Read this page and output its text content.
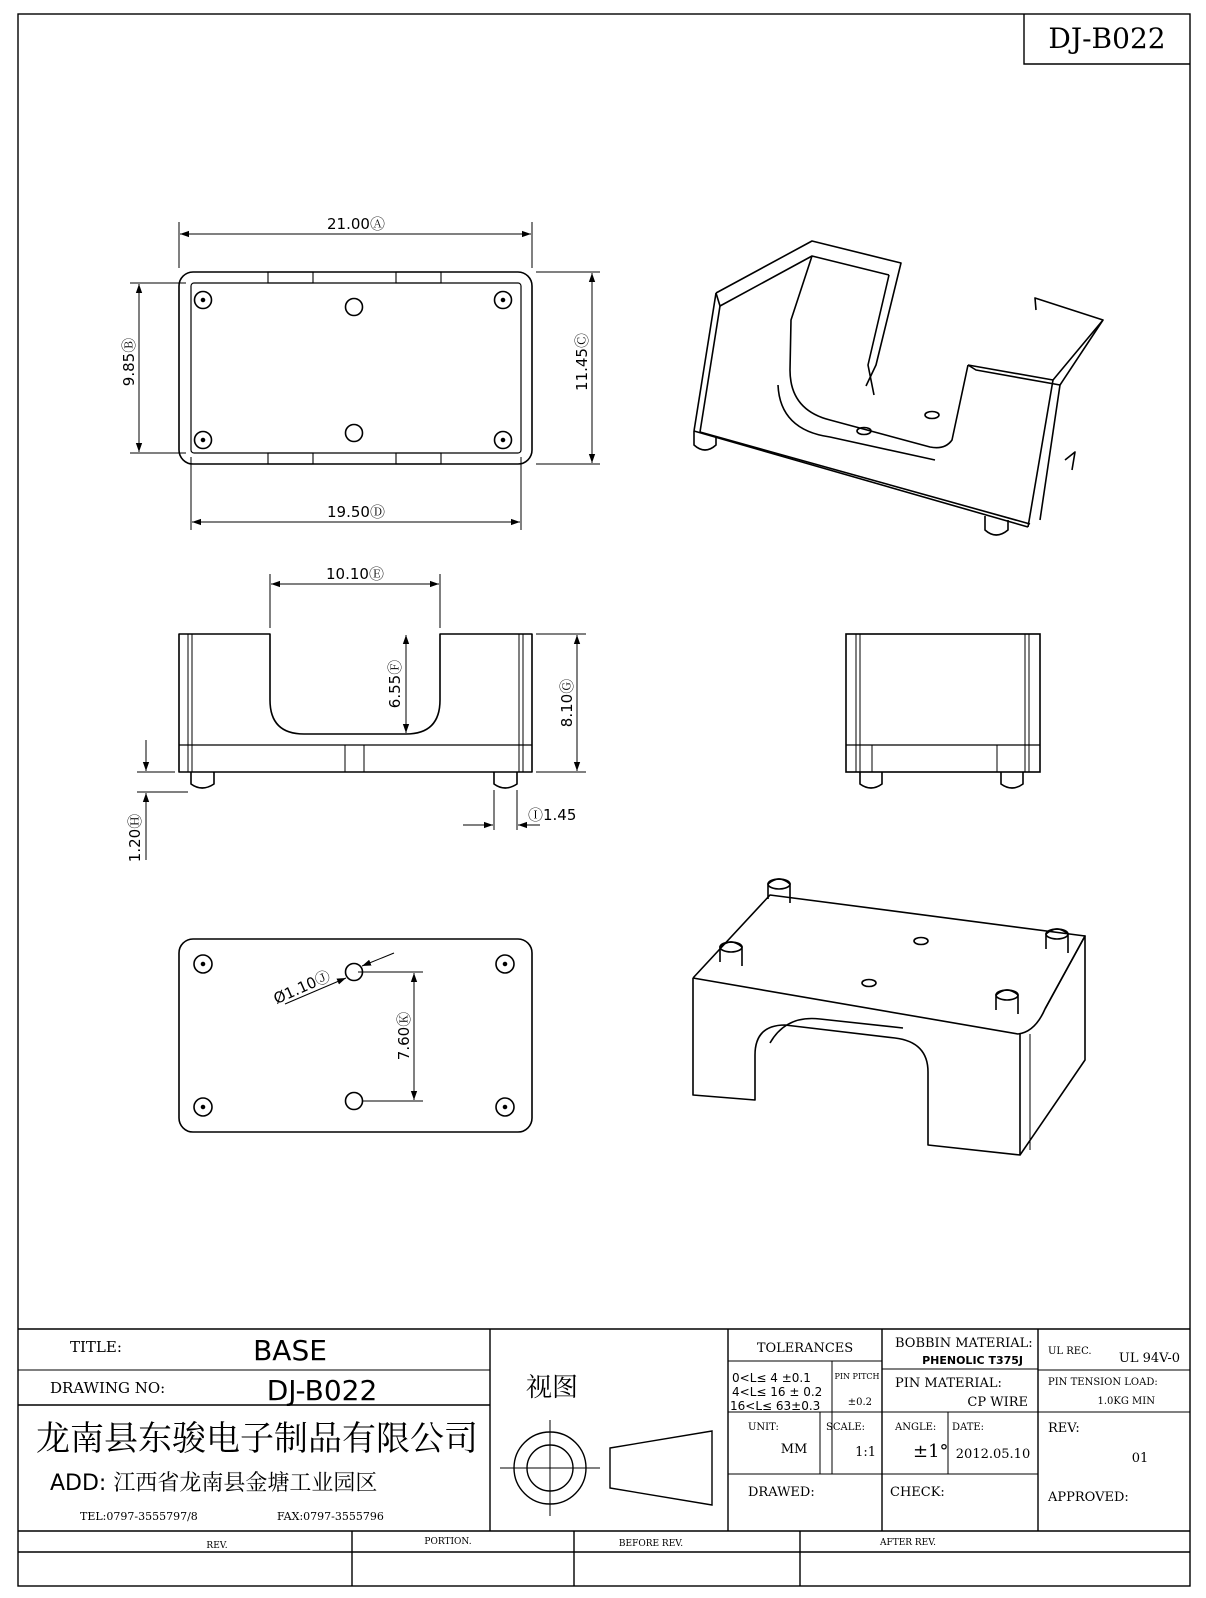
DJ-B022
21.00Ⓐ
9.85Ⓑ	11.45Ⓒ
19.50Ⓓ
10.10Ⓔ
6.55Ⓕ	8.10Ⓖ
1.20Ⓗ	Ⓘ1.45
Ø1.10Ⓙ
7.60Ⓚ
TITLE:	BASE
DRAWING NO:	DJ-B022	视图
龙南县东骏电子制品有限公司
ADD: 江西省龙南县金塘工业园区
TEL:0797-3555797/8	FAX:0797-3555796
TOLERANCES
0<L≤ 4 ±0.1
4<L≤ 16 ± 0.2
16<L≤ 63±0.3
PIN PITCH
±0.2
UNIT:
MM
SCALE:
1:1
DRAWED:
BOBBIN MATERIAL:
PHENOLIC T375J
PIN MATERIAL:
CP WIRE
ANGLE:
±1°
DATE:
2012.05.10
CHECK:
UL REC. UL 94V-0
PIN TENSION LOAD:
1.0KG MIN
REV:
01
APPROVED:
REV.	PORTION.	BEFORE REV.	AFTER REV.
